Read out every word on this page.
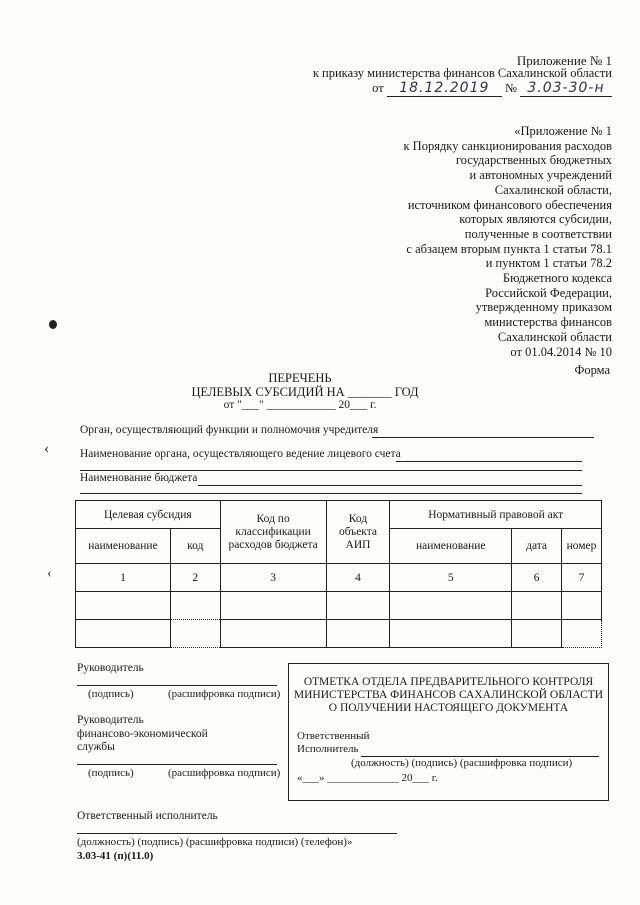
Приложение № 1
к приказу министерства финансов Сахалинской области
от 18.12.2019 № 3.03-30-н
«Приложение № 1
к Порядку санкционирования расходов
государственных бюджетных
и автономных учреждений
Сахалинской области,
источником финансового обеспечения
которых являются субсидии,
полученные в соответствии
с абзацем вторым пункта 1 статьи 78.1
и пунктом 1 статьи 78.2
Бюджетного кодекса
Российской Федерации,
утвержденному приказом
министерства финансов
Сахалинской области
от 01.04.2014 № 10
Форма
ПЕРЕЧЕНЬ
ЦЕЛЕВЫХ СУБСИДИЙ НА _______ ГОД
от "___" ____________ 20___ г.
Орган, осуществляющий функции и полномочия учредителя
‹	Наименование органа, осуществляющего ведение лицевого счета
Наименование бюджета
Целевая субсидия		Код по классификации расходов бюджета	Код объекта АИП	Нормативный правовой акт		
наименование	код			наименование	дата	номер
1	2	3	4	5	6	7

‹
Руководитель
(подпись)	(расшифровка подписи)
Руководитель
финансово-экономической
службы
(подпись)	(расшифровка подписи)
ОТМЕТКА ОТДЕЛА ПРЕДВАРИТЕЛЬНОГО КОНТРОЛЯ
МИНИСТЕРСТВА ФИНАНСОВ САХАЛИНСКОЙ ОБЛАСТИ
О ПОЛУЧЕНИИ НАСТОЯЩЕГО ДОКУМЕНТА
Ответственный
Исполнитель
(должность) (подпись) (расшифровка подписи)
«___» _____________ 20___ г.
Ответственный исполнитель
(должность) (подпись) (расшифровка подписи) (телефон)»
3.03-41 (п)(11.0)
